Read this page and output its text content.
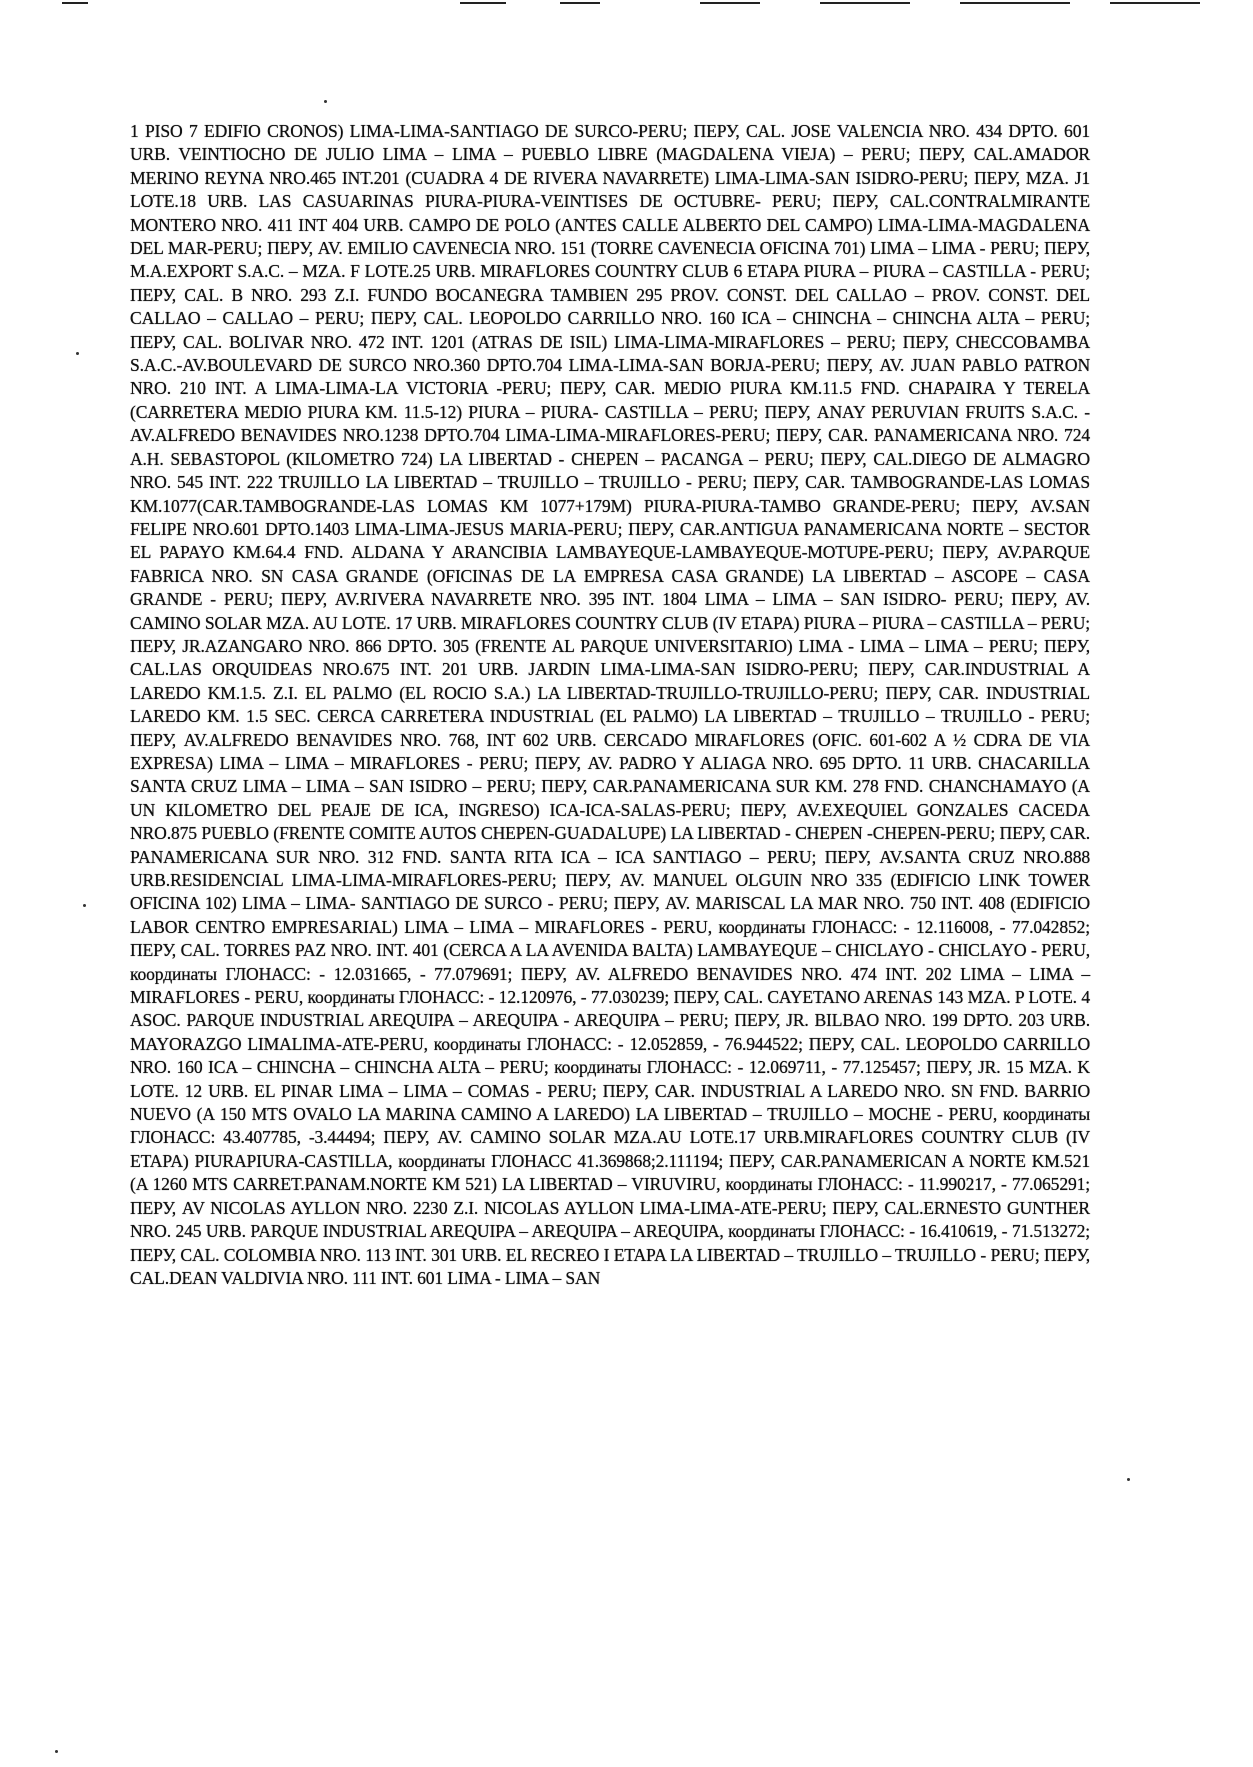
1 PISO 7 EDIFIO CRONOS) LIMA-LIMA-SANTIAGO DE SURCO-PERU; ПЕРУ, CAL. JOSE VALENCIA NRO. 434 DPTO. 601 URB. VEINTIOCHO DE JULIO LIMA – LIMA – PUEBLO LIBRE (MAGDALENA VIEJA) – PERU; ПЕРУ, CAL.AMADOR MERINO REYNA NRO.465 INT.201 (CUADRA 4 DE RIVERA NAVARRETE) LIMA-LIMA-SAN ISIDRO-PERU; ПЕРУ, MZA. J1 LOTE.18 URB. LAS CASUARINAS PIURA-PIURA-VEINTISES DE OCTUBRE- PERU; ПЕРУ, CAL.CONTRALMIRANTE MONTERO NRO. 411 INT 404 URB. CAMPO DE POLO (ANTES CALLE ALBERTO DEL CAMPO) LIMA-LIMA-MAGDALENA DEL MAR-PERU; ПЕРУ, AV. EMILIO CAVENECIA NRO. 151 (TORRE CAVENECIA OFICINA 701) LIMA – LIMA - PERU; ПЕРУ, M.A.EXPORT S.A.C. – MZA. F LOTE.25 URB. MIRAFLORES COUNTRY CLUB 6 ETAPA PIURA – PIURA – CASTILLA - PERU; ПЕРУ, CAL. B NRO. 293 Z.I. FUNDO BOCANEGRA TAMBIEN 295 PROV. CONST. DEL CALLAO – PROV. CONST. DEL CALLAO – CALLAO – PERU; ПЕРУ, CAL. LEOPOLDO CARRILLO NRO. 160 ICA – CHINCHA – CHINCHA ALTA – PERU; ПЕРУ, CAL. BOLIVAR NRO. 472 INT. 1201 (ATRAS DE ISIL) LIMA-LIMA-MIRAFLORES – PERU; ПЕРУ, CHECCOBAMBA S.A.C.-AV.BOULEVARD DE SURCO NRO.360 DPTO.704 LIMA-LIMA-SAN BORJA-PERU; ПЕРУ, AV. JUAN PABLO PATRON NRO. 210 INT. A LIMA-LIMA-LA VICTORIA -PERU; ПЕРУ, CAR. MEDIO PIURA KM.11.5 FND. CHAPAIRA Y TERELA (CARRETERA MEDIO PIURA KM. 11.5-12) PIURA – PIURA- CASTILLA – PERU; ПЕРУ, ANAY PERUVIAN FRUITS S.A.C. -AV.ALFREDO BENAVIDES NRO.1238 DPTO.704 LIMA-LIMA-MIRAFLORES-PERU; ПЕРУ, CAR. PANAMERICANA NRO. 724 A.H. SEBASTOPOL (KILOMETRO 724) LA LIBERTAD - CHEPEN – PACANGA – PERU; ПЕРУ, CAL.DIEGO DE ALMAGRO NRO. 545 INT. 222 TRUJILLO LA LIBERTAD – TRUJILLO – TRUJILLO - PERU; ПЕРУ, CAR. TAMBOGRANDE-LAS LOMAS KM.1077(CAR.TAMBOGRANDE-LAS LOMAS KM 1077+179M) PIURA-PIURA-TAMBO GRANDE-PERU; ПЕРУ, AV.SAN FELIPE NRO.601 DPTO.1403 LIMA-LIMA-JESUS MARIA-PERU; ПЕРУ, CAR.ANTIGUA PANAMERICANA NORTE – SECTOR EL PAPAYO KM.64.4 FND. ALDANA Y ARANCIBIA LAMBAYEQUE-LAMBAYEQUE-MOTUPE-PERU; ПЕРУ, AV.PARQUE FABRICA NRO. SN CASA GRANDE (OFICINAS DE LA EMPRESA CASA GRANDE) LA LIBERTAD – ASCOPE – CASA GRANDE - PERU; ПЕРУ, AV.RIVERA NAVARRETE NRO. 395 INT. 1804 LIMA – LIMA – SAN ISIDRO- PERU; ПЕРУ, AV. CAMINO SOLAR MZA. AU LOTE. 17 URB. MIRAFLORES COUNTRY CLUB (IV ETAPA) PIURA – PIURA – CASTILLA – PERU; ПЕРУ, JR.AZANGARO NRO. 866 DPTO. 305 (FRENTE AL PARQUE UNIVERSITARIO) LIMA - LIMA – LIMA – PERU; ПЕРУ, CAL.LAS ORQUIDEAS NRO.675 INT. 201 URB. JARDIN LIMA-LIMA-SAN ISIDRO-PERU; ПЕРУ, CAR.INDUSTRIAL A LAREDO KM.1.5. Z.I. EL PALMO (EL ROCIO S.A.) LA LIBERTAD-TRUJILLO-TRUJILLO-PERU; ПЕРУ, CAR. INDUSTRIAL LAREDO KM. 1.5 SEC. CERCA CARRETERA INDUSTRIAL (EL PALMO) LA LIBERTAD – TRUJILLO – TRUJILLO - PERU; ПЕРУ, AV.ALFREDO BENAVIDES NRO. 768, INT 602 URB. CERCADO MIRAFLORES (OFIC. 601-602 A ½ CDRA DE VIA EXPRESA) LIMA – LIMA – MIRAFLORES - PERU; ПЕРУ, AV. PADRO Y ALIAGA NRO. 695 DPTO. 11 URB. CHACARILLA SANTA CRUZ LIMA – LIMA – SAN ISIDRO – PERU; ПЕРУ, CAR.PANAMERICANA SUR KM. 278 FND. CHANCHAMAYO (A UN KILOMETRO DEL PEAJE DE ICA, INGRESO) ICA-ICA-SALAS-PERU; ПЕРУ, AV.EXEQUIEL GONZALES CACEDA NRO.875 PUEBLO (FRENTE COMITE AUTOS CHEPEN-GUADALUPE) LA LIBERTAD - CHEPEN -CHEPEN-PERU; ПЕРУ, CAR. PANAMERICANA SUR NRO. 312 FND. SANTA RITA ICA – ICA SANTIAGO – PERU; ПЕРУ, AV.SANTA CRUZ NRO.888 URB.RESIDENCIAL LIMA-LIMA-MIRAFLORES-PERU; ПЕРУ, AV. MANUEL OLGUIN NRO 335 (EDIFICIO LINK TOWER OFICINA 102) LIMA – LIMA- SANTIAGO DE SURCO - PERU; ПЕРУ, AV. MARISCAL LA MAR NRO. 750 INT. 408 (EDIFICIO LABOR CENTRO EMPRESARIAL) LIMA – LIMA – MIRAFLORES - PERU, координаты ГЛОНАСС: - 12.116008, - 77.042852; ПЕРУ, CAL. TORRES PAZ NRO. INT. 401 (CERCA A LA AVENIDA BALTA) LAMBAYEQUE – CHICLAYO - CHICLAYO - PERU, координаты ГЛОНАСС: - 12.031665, - 77.079691; ПЕРУ, AV. ALFREDO BENAVIDES NRO. 474 INT. 202 LIMA – LIMA – MIRAFLORES - PERU, координаты ГЛОНАСС: - 12.120976, - 77.030239; ПЕРУ, CAL. CAYETANO ARENAS 143 MZA. P LOTE. 4 ASOC. PARQUE INDUSTRIAL AREQUIPA – AREQUIPA - AREQUIPA – PERU; ПЕРУ, JR. BILBAO NRO. 199 DPTO. 203 URB. MAYORAZGO LIMALIMA-ATE-PERU, координаты ГЛОНАСС: - 12.052859, - 76.944522; ПЕРУ, CAL. LEOPOLDO CARRILLO NRO. 160 ICA – CHINCHA – CHINCHA ALTA – PERU; координаты ГЛОНАСС: - 12.069711, - 77.125457; ПЕРУ, JR. 15 MZA. K LOTE. 12 URB. EL PINAR LIMA – LIMA – COMAS - PERU; ПЕРУ, CAR. INDUSTRIAL A LAREDO NRO. SN FND. BARRIO NUEVO (A 150 MTS OVALO LA MARINA CAMINO A LAREDO) LA LIBERTAD – TRUJILLO – MOCHE - PERU, координаты ГЛОНАСС: 43.407785, -3.44494; ПЕРУ, AV. CAMINO SOLAR MZA.AU LOTE.17 URB.MIRAFLORES COUNTRY CLUB (IV ETAPA) PIURAPIURA-CASTILLA, координаты ГЛОНАСС 41.369868;2.111194; ПЕРУ, CAR.PANAMERICAN A NORTE KM.521 (A 1260 MTS CARRET.PANAM.NORTE KM 521) LA LIBERTAD – VIRUVIRU, координаты ГЛОНАСС: - 11.990217, - 77.065291; ПЕРУ, AV NICOLAS AYLLON NRO. 2230 Z.I. NICOLAS AYLLON LIMA-LIMA-ATE-PERU; ПЕРУ, CAL.ERNESTO GUNTHER NRO. 245 URB. PARQUE INDUSTRIAL AREQUIPA – AREQUIPA – AREQUIPA, координаты ГЛОНАСС: - 16.410619, - 71.513272; ПЕРУ, CAL. COLOMBIA NRO. 113 INT. 301 URB. EL RECREO I ETAPA LA LIBERTAD – TRUJILLO – TRUJILLO - PERU; ПЕРУ, CAL.DEAN VALDIVIA NRO. 111 INT. 601 LIMA - LIMA – SAN
